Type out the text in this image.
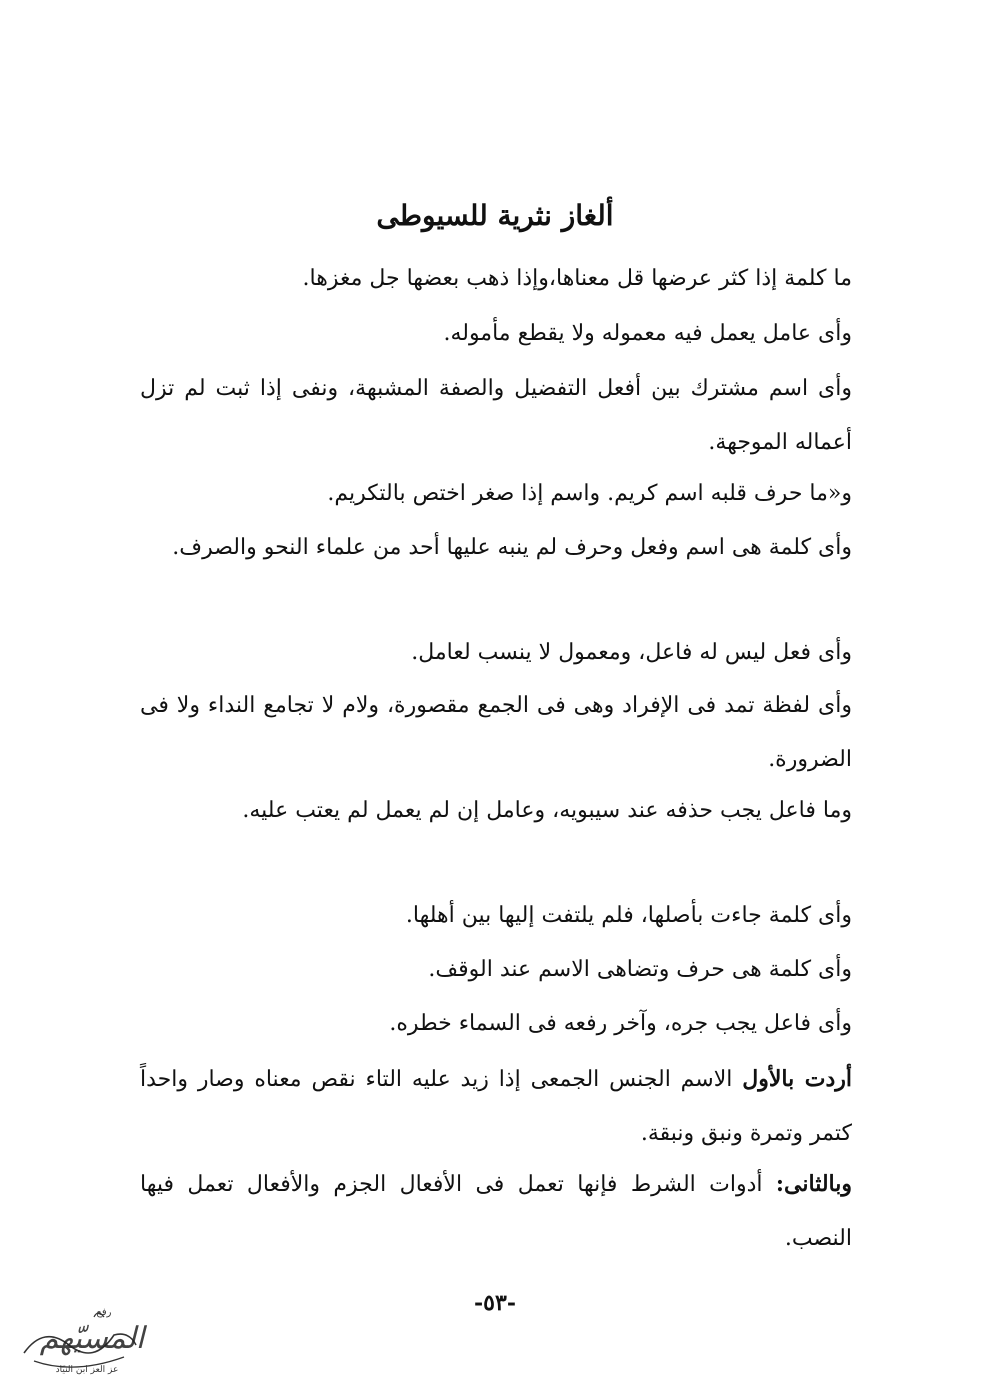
ألغاز نثرية للسيوطى

ما كلمة إذا كثر عرضها قل معناها،وإذا ذهب بعضها جل مغزها.

وأى عامل يعمل فيه معموله ولا يقطع مأموله.

وأى اسم مشترك بين أفعل التفضيل والصفة المشبهة، ونفى إذا ثبت لم تزل أعماله الموجهة.

و«ما حرف قلبه اسم كريم. واسم إذا صغر اختص بالتكريم.

وأى كلمة هى اسم وفعل وحرف لم ينبه عليها أحد من علماء النحو والصرف.

وأى فعل ليس له فاعل، ومعمول لا ينسب لعامل.

وأى لفظة تمد فى الإفراد وهى فى الجمع مقصورة، ولام لا تجامع النداء ولا فى الضرورة.

وما فاعل يجب حذفه عند سيبويه، وعامل إن لم يعمل لم يعتب عليه.

وأى كلمة جاءت بأصلها، فلم يلتفت إليها بين أهلها.

وأى كلمة هى حرف وتضاهى الاسم عند الوقف.

وأى فاعل يجب جره، وآخر رفعه فى السماء خطره.

أردت بالأول الاسم الجنس الجمعى إذا زيد عليه التاء نقص معناه وصار واحداً كتمر وتمرة ونبق ونبقة.

وبالثانى: أدوات الشرط فإنها تعمل فى الأفعال الجزم والأفعال تعمل فيها النصب.

-٥٣-
المسيّهم
رفع
عز العز ابن النيّاد
